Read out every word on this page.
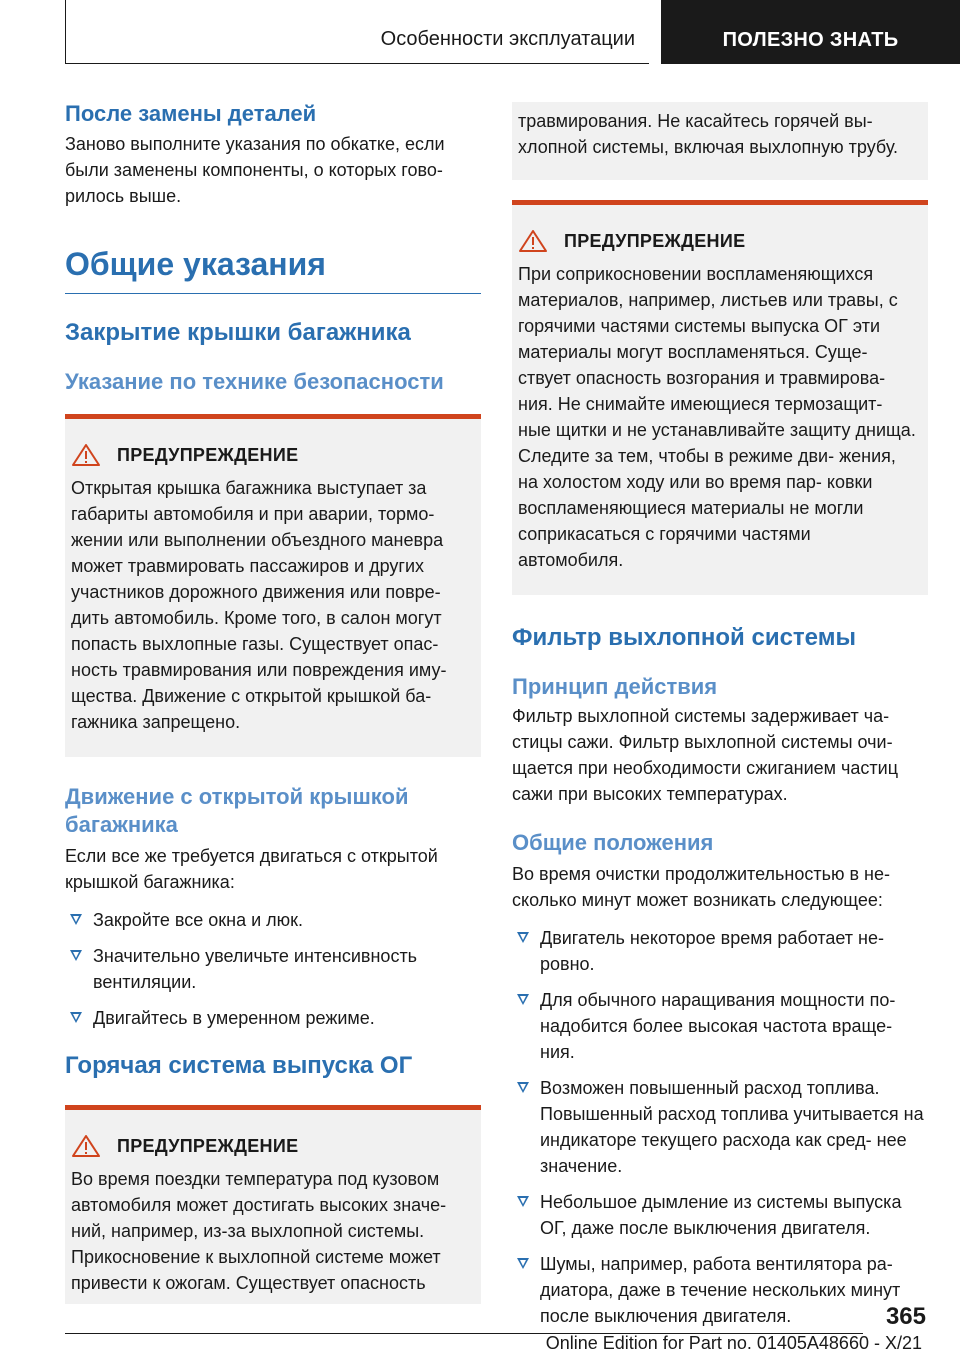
Особенности эксплуатации	ПОЛЕЗНО ЗНАТЬ
После замены деталей

Заново выполните указания по обкатке, если были заменены компоненты, о которых гово- рилось выше.

Общие указания
Закрытие крышки багажника
Указание по технике безопасности
ПРЕДУПРЕЖДЕНИЕ

Открытая крышка багажника выступает за габариты автомобиля и при аварии, тормо- жении или выполнении объездного маневра может травмировать пассажиров и других участников дорожного движения или повре- дить автомобиль. Кроме того, в салон могут попасть выхлопные газы. Существует опас- ность травмирования или повреждения иму- щества. Движение с открытой крышкой ба- гажника запрещено.

Движение с открытой крышкой багажника

Если все же требуется двигаться с открытой крышкой багажника:

Закройте все окна и люк.
Значительно увеличьте интенсивность вентиляции.
Двигайтесь в умеренном режиме.
Горячая система выпуска ОГ
ПРЕДУПРЕЖДЕНИЕ

Во время поездки температура под кузовом автомобиля может достигать высоких значе- ний, например, из-за выхлопной системы. Прикосновение к выхлопной системе может привести к ожогам. Существует опасность

травмирования. Не касайтесь горячей вы- хлопной системы, включая выхлопную трубу.

ПРЕДУПРЕЖДЕНИЕ

При соприкосновении воспламеняющихся материалов, например, листьев или травы, с горячими частями системы выпуска ОГ эти материалы могут воспламеняться. Суще- ствует опасность возгорания и травмирова- ния. Не снимайте имеющиеся термозащит- ные щитки и не устанавливайте защиту днища. Следите за тем, чтобы в режиме дви- жения, на холостом ходу или во время пар- ковки воспламеняющиеся материалы не могли соприкасаться с горячими частями автомобиля.

Фильтр выхлопной системы
Принцип действия

Фильтр выхлопной системы задерживает ча- стицы сажи. Фильтр выхлопной системы очи- щается при необходимости сжиганием частиц сажи при высоких температурах.

Общие положения

Во время очистки продолжительностью в не- сколько минут может возникать следующее:

Двигатель некоторое время работает не- ровно.
Для обычного наращивания мощности по- надобится более высокая частота враще- ния.
Возможен повышенный расход топлива. Повышенный расход топлива учитывается на индикаторе текущего расхода как сред- нее значение.
Небольшое дымление из системы выпуска ОГ, даже после выключения двигателя.
Шумы, например, работа вентилятора ра- диатора, даже в течение нескольких минут после выключения двигателя.	365
Online Edition for Part no. 01405A48660 - X/21
